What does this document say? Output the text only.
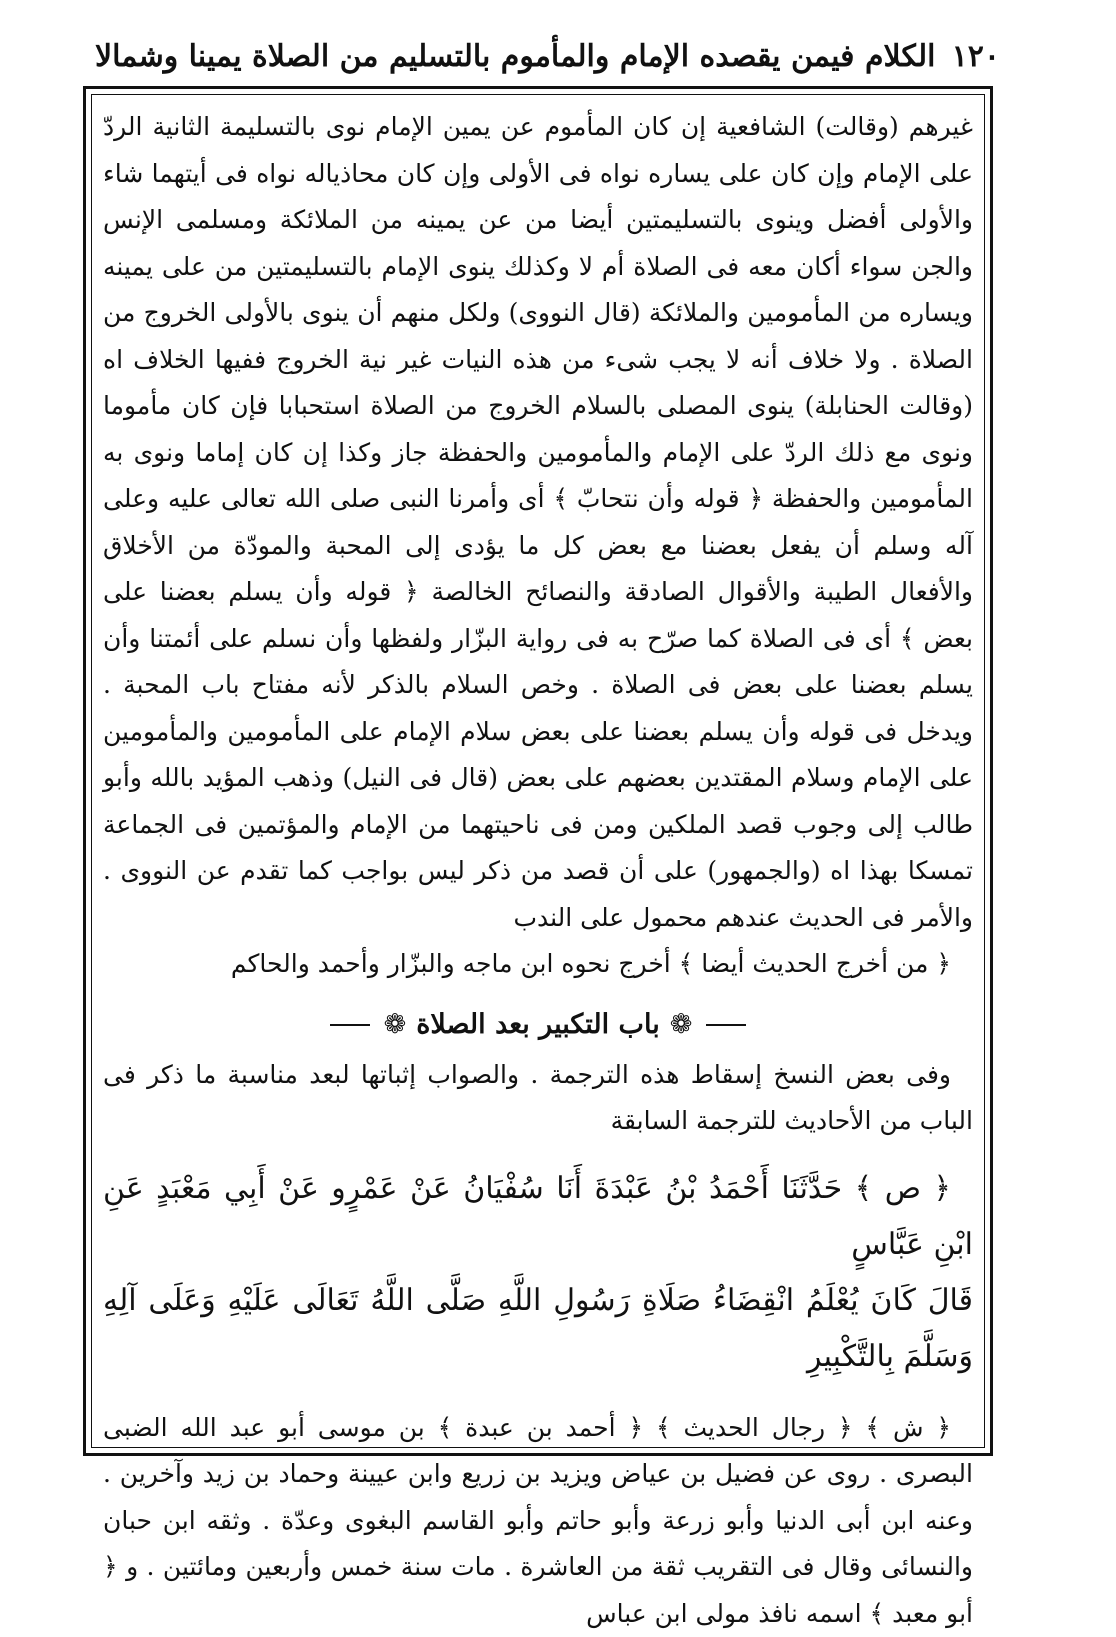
١٢٠
الكلام فيمن يقصده الإمام والمأموم بالتسليم من الصلاة يمينا وشمالا

غيرهم (وقالت) الشافعية إن كان المأموم عن يمين الإمام نوى بالتسليمة الثانية الردّ على الإمام وإن كان على يساره نواه فى الأولى وإن كان محاذياله نواه فى أيتهما شاء والأولى أفضل وينوى بالتسليمتين أيضا من عن يمينه من الملائكة ومسلمى الإنس والجن سواء أكان معه فى الصلاة أم لا وكذلك ينوى الإمام بالتسليمتين من على يمينه ويساره من المأمومين والملائكة (قال النووى) ولكل منهم أن ينوى بالأولى الخروج من الصلاة . ولا خلاف أنه لا يجب شىء من هذه النيات غير نية الخروج ففيها الخلاف اه (وقالت الحنابلة) ينوى المصلى بالسلام الخروج من الصلاة استحبابا فإن كان مأموما ونوى مع ذلك الردّ على الإمام والمأمومين والحفظة جاز وكذا إن كان إماما ونوى به المأمومين والحفظة ﴿ قوله وأن نتحابّ ﴾ أى وأمرنا النبى صلى الله تعالى عليه وعلى آله وسلم أن يفعل بعضنا مع بعض كل ما يؤدى إلى المحبة والمودّة من الأخلاق والأفعال الطيبة والأقوال الصادقة والنصائح الخالصة ﴿ قوله وأن يسلم بعضنا على بعض ﴾ أى فى الصلاة كما صرّح به فى رواية البزّار ولفظها وأن نسلم على أئمتنا وأن يسلم بعضنا على بعض فى الصلاة . وخص السلام بالذكر لأنه مفتاح باب المحبة . ويدخل فى قوله وأن يسلم بعضنا على بعض سلام الإمام على المأمومين والمأمومين على الإمام وسلام المقتدين بعضهم على بعض (قال فى النيل) وذهب المؤيد بالله وأبو طالب إلى وجوب قصد الملكين ومن فى ناحيتهما من الإمام والمؤتمين فى الجماعة تمسكا بهذا اه (والجمهور) على أن قصد من ذكر ليس بواجب كما تقدم عن النووى . والأمر فى الحديث عندهم محمول على الندب

﴿ من أخرج الحديث أيضا ﴾ أخرج نحوه ابن ماجه والبزّار وأحمد والحاكم

❁باب التكبير بعد الصلاة❁

وفى بعض النسخ إسقاط هذه الترجمة . والصواب إثباتها لبعد مناسبة ما ذكر فى الباب من الأحاديث للترجمة السابقة

﴿ ص ﴾ حَدَّثَنَا أَحْمَدُ بْنُ عَبْدَةَ أَنَا سُفْيَانُ عَنْ عَمْرٍو عَنْ أَبِي مَعْبَدٍ عَنِ ابْنِ عَبَّاسٍ

قَالَ كَانَ يُعْلَمُ انْقِضَاءُ صَلَاةِ رَسُولِ اللَّهِ صَلَّى اللَّهُ تَعَالَى عَلَيْهِ وَعَلَى آلِهِ وَسَلَّمَ بِالتَّكْبِيرِ

﴿ ش ﴾ ﴿ رجال الحديث ﴾ ﴿ أحمد بن عبدة ﴾ بن موسى أبو عبد الله الضبى البصرى . روى عن فضيل بن عياض ويزيد بن زريع وابن عيينة وحماد بن زيد وآخرين . وعنه ابن أبى الدنيا وأبو زرعة وأبو حاتم وأبو القاسم البغوى وعدّة . وثقه ابن حبان والنسائى وقال فى التقريب ثقة من العاشرة . مات سنة خمس وأربعين ومائتين . و ﴿ أبو معبد ﴾ اسمه نافذ مولى ابن عباس
